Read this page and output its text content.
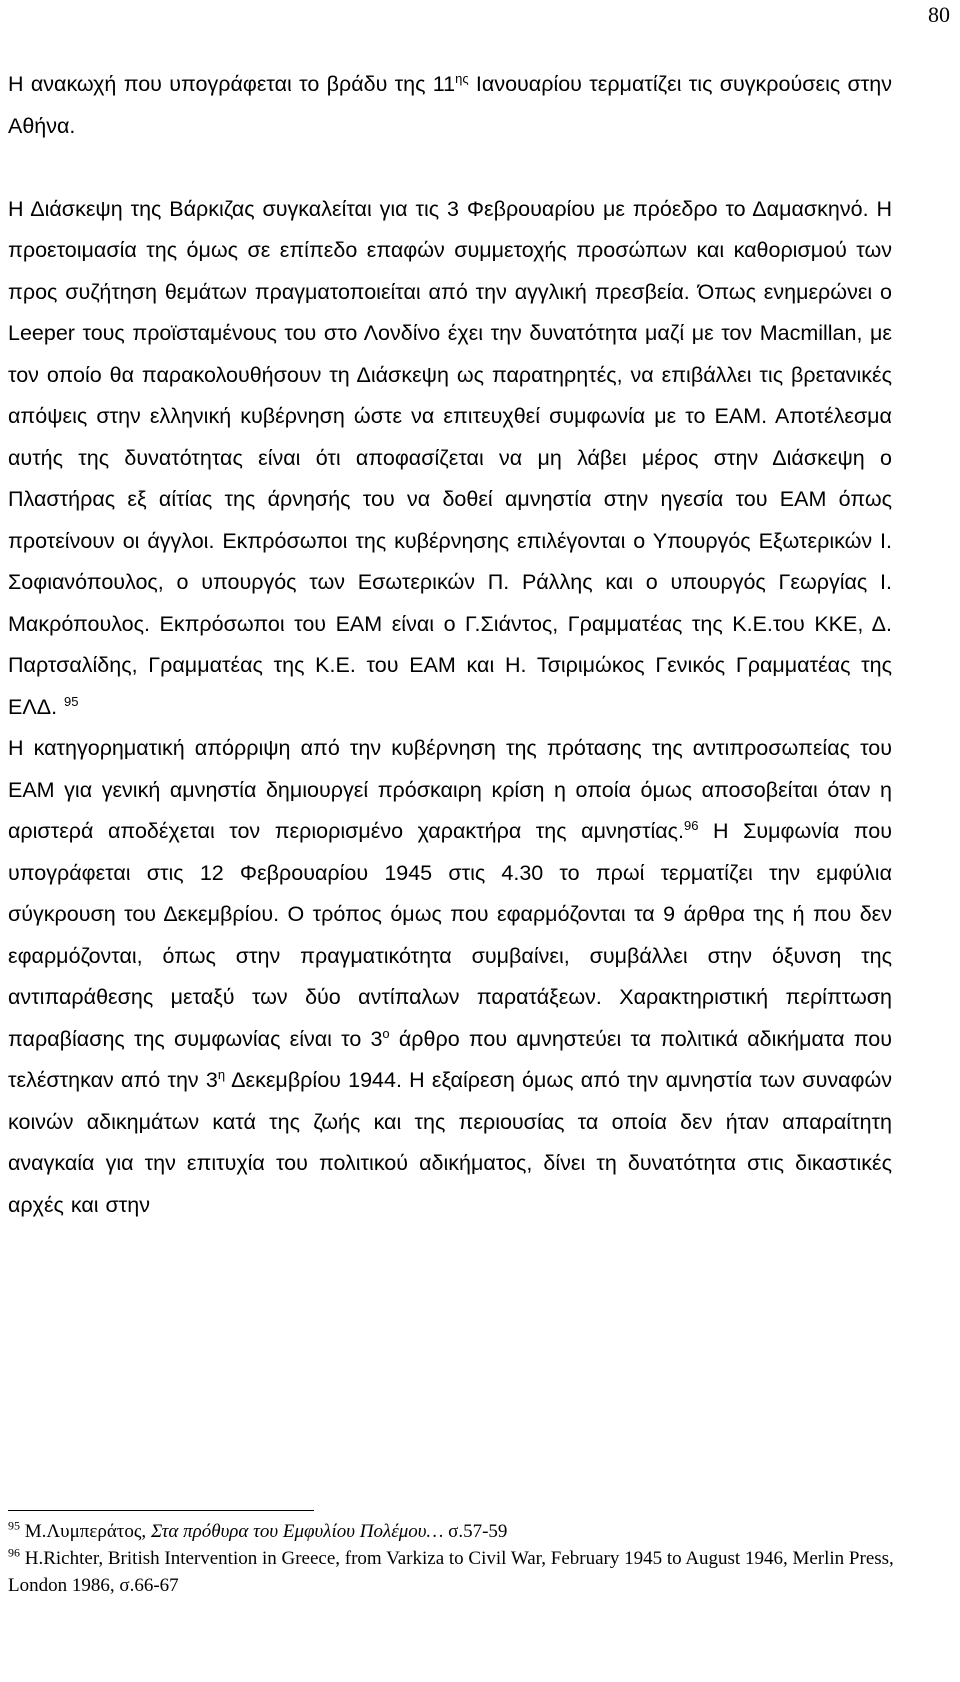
80

Η ανακωχή που υπογράφεται το βράδυ της $11^{\eta\varsigma}$ Ιανουαρίου τερματίζει τις συγκρούσεις στην Αθήνα.

Η Διάσκεψη της Βάρκιζας συγκαλείται για τις 3 Φεβρουαρίου με πρόεδρο το Δαμασκηνό. Η προετοιμασία της όμως σε επίπεδο επαφών συμμετοχής προσώπων και καθορισμού των προς συζήτηση θεμάτων πραγματοποιείται από την αγγλική πρεσβεία. Όπως ενημερώνει ο Leeper τους προϊσταμένους του στο Λονδίνο έχει την δυνατότητα μαζί με τον Macmillan, με τον οποίο θα παρακολουθήσουν τη Διάσκεψη ως παρατηρητές, να επιβάλλει τις βρετανικές απόψεις στην ελληνική κυβέρνηση ώστε να επιτευχθεί συμφωνία με το ΕΑΜ. Αποτέλεσμα αυτής της δυνατότητας είναι ότι αποφασίζεται να μη λάβει μέρος στην Διάσκεψη ο Πλαστήρας εξ αίτίας της άρνησής του να δοθεί αμνηστία στην ηγεσία του ΕΑΜ όπως προτείνουν οι άγγλοι. Εκπρόσωποι της κυβέρνησης επιλέγονται ο Υπουργός Εξωτερικών Ι. Σοφιανόπουλος, ο υπουργός των Εσωτερικών Π. Ράλλης και ο υπουργός Γεωργίας Ι. Μακρόπουλος. Εκπρόσωποι του ΕΑΜ είναι ο Γ.Σιάντος, Γραμματέας της Κ.Ε.του ΚΚΕ, Δ. Παρτσαλίδης, Γραμματέας της Κ.Ε. του ΕΑΜ και Η. Τσιριμώκος Γενικός Γραμματέας της ΕΛΔ. $^{95}$

Η κατηγορηματική απόρριψη από την κυβέρνηση της πρότασης της αντιπροσωπείας του ΕΑΜ για γενική αμνηστία δημιουργεί πρόσκαιρη κρίση η οποία όμως αποσοβείται όταν η αριστερά αποδέχεται τον περιορισμένο χαρακτήρα της αμνηστίας.$^{96}$ Η Συμφωνία που υπογράφεται στις 12 Φεβρουαρίου 1945 στις 4.30 το πρωί τερματίζει την εμφύλια σύγκρουση του Δεκεμβρίου. Ο τρόπος όμως που εφαρμόζονται τα 9 άρθρα της ή που δεν εφαρμόζονται, όπως στην πραγματικότητα συμβαίνει, συμβάλλει στην όξυνση της αντιπαράθεσης μεταξύ των δύο αντίπαλων παρατάξεων. Χαρακτηριστική περίπτωση παραβίασης της συμφωνίας είναι το $3^o$ άρθρο που αμνηστεύει τα πολιτικά αδικήματα που τελέστηκαν από την $3^\eta$ Δεκεμβρίου 1944. Η εξαίρεση όμως από την αμνηστία των συναφών κοινών αδικημάτων κατά της ζωής και της περιουσίας τα οποία δεν ήταν απαραίτητη αναγκαία για την επιτυχία του πολιτικού αδικήματος, δίνει τη δυνατότητα στις δικαστικές αρχές και στην

$^{95}$ Μ.Λυμπεράτος, Στα πρόθυρα του Εμφυλίου Πολέμου… σ.57-59

$^{96}$ H.Richter, British Intervention in Greece, from Varkiza to Civil War, February 1945 to August 1946, Merlin Press, London 1986, σ.66-67
